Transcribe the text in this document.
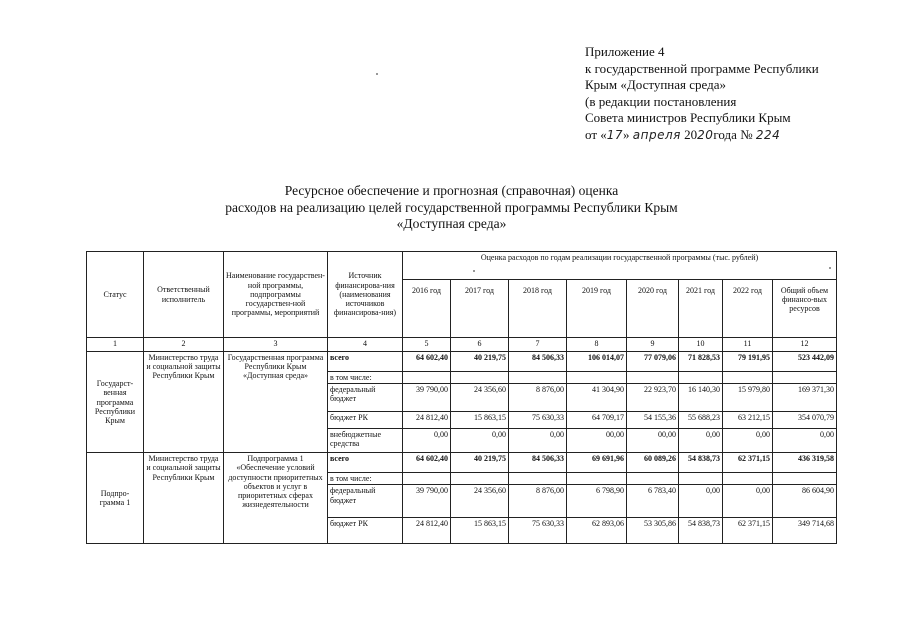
Приложение 4
к государственной программе Республики
Крым «Доступная среда»
(в редакции постановления
Совета министров Республики Крым
от «17» апреля 2020года № 224
Ресурсное обеспечение и прогнозная (справочная) оценка
расходов на реализацию целей государственной программы Республики Крым
«Доступная среда»
Статус	Ответственный исполнитель	Наименование государствен-ной программы, подпрограммы государствен-ной программы, мероприятий	Источник финансирова-ния (наименования источников финансирова-ния)	Оценка расходов по годам реализации государственной программы (тыс. рублей)							
				2016 год	2017 год	2018 год	2019 год	2020 год	2021 год	2022 год	Общий объем финансо-вых ресурсов
1	2	3	4	5	6	7	8	9	10	11	12
Государст-венная программа Республики Крым	Министерство труда и социальной защиты Республики Крым	Государственная программа Республики Крым «Доступная среда»	всего	64 602,40	40 219,75	84 506,33	106 014,07	77 079,06	71 828,53	79 191,95	523 442,09
			в том числе:								
			федеральный бюджет	39 790,00	24 356,60	8 876,00	41 304,90	22 923,70	16 140,30	15 979,80	169 371,30
			бюджет РК	24 812,40	15 863,15	75 630,33	64 709,17	54 155,36	55 688,23	63 212,15	354 070,79
			внебюджетные средства	0,00	0,00	0,00	00,00	00,00	0,00	0,00	0,00
Подпро-грамма 1	Министерство труда и социальной защиты Республики Крым	Подпрограмма 1 «Обеспечение условий доступности приоритетных объектов и услуг в приоритетных сферах жизнедеятельности	всего	64 602,40	40 219,75	84 506,33	69 691,96	60 089,26	54 838,73	62 371,15	436 319,58
			в том числе:								
			федеральный бюджет	39 790,00	24 356,60	8 876,00	6 798,90	6 783,40	0,00	0,00	86 604,90
			бюджет РК	24 812,40	15 863,15	75 630,33	62 893,06	53 305,86	54 838,73	62 371,15	349 714,68
